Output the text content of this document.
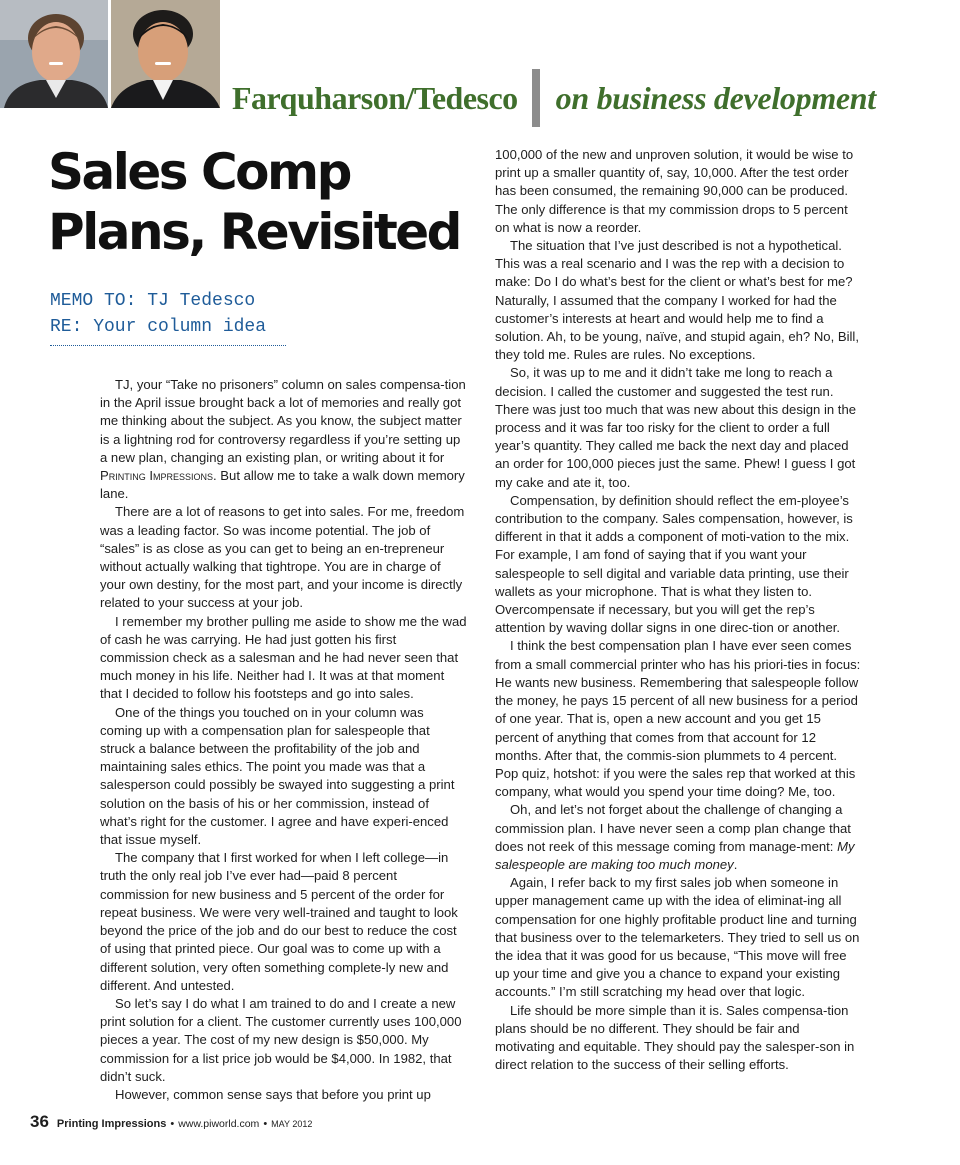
Farquharson/Tedesco on business development
Sales Comp
Plans, Revisited
MEMO TO: TJ Tedesco
RE: Your column idea

TJ, your “Take no prisoners” column on sales compensa-tion in the April issue brought back a lot of memories and really got me thinking about the subject. As you know, the subject matter is a lightning rod for controversy regardless if you’re setting up a new plan, changing an existing plan, or writing about it for Printing Impressions. But allow me to take a walk down memory lane.

There are a lot of reasons to get into sales. For me, freedom was a leading factor. So was income potential. The job of “sales” is as close as you can get to being an en-trepreneur without actually walking that tightrope. You are in charge of your own destiny, for the most part, and your income is directly related to your success at your job.

I remember my brother pulling me aside to show me the wad of cash he was carrying. He had just gotten his first commission check as a salesman and he had never seen that much money in his life. Neither had I. It was at that moment that I decided to follow his footsteps and go into sales.

One of the things you touched on in your column was coming up with a compensation plan for salespeople that struck a balance between the profitability of the job and maintaining sales ethics. The point you made was that a salesperson could possibly be swayed into suggesting a print solution on the basis of his or her commission, instead of what’s right for the customer. I agree and have experi-enced that issue myself.

The company that I first worked for when I left college—in truth the only real job I’ve ever had—paid 8 percent commission for new business and 5 percent of the order for repeat business. We were very well-trained and taught to look beyond the price of the job and do our best to reduce the cost of using that printed piece. Our goal was to come up with a different solution, very often something complete-ly new and different. And untested.

So let’s say I do what I am trained to do and I create a new print solution for a client. The customer currently uses 100,000 pieces a year. The cost of my new design is $50,000. My commission for a list price job would be $4,000. In 1982, that didn’t suck.

However, common sense says that before you print up

100,000 of the new and unproven solution, it would be wise to print up a smaller quantity of, say, 10,000. After the test order has been consumed, the remaining 90,000 can be produced. The only difference is that my commission drops to 5 percent on what is now a reorder.

The situation that I’ve just described is not a hypothetical. This was a real scenario and I was the rep with a decision to make: Do I do what’s best for the client or what’s best for me? Naturally, I assumed that the company I worked for had the customer’s interests at heart and would help me to find a solution. Ah, to be young, naïve, and stupid again, eh? No, Bill, they told me. Rules are rules. No exceptions.

So, it was up to me and it didn’t take me long to reach a decision. I called the customer and suggested the test run. There was just too much that was new about this design in the process and it was far too risky for the client to order a full year’s quantity. They called me back the next day and placed an order for 100,000 pieces just the same. Phew! I guess I got my cake and ate it, too.

Compensation, by definition should reflect the em-ployee’s contribution to the company. Sales compensation, however, is different in that it adds a component of moti-vation to the mix. For example, I am fond of saying that if you want your salespeople to sell digital and variable data printing, use their wallets as your microphone. That is what they listen to. Overcompensate if necessary, but you will get the rep’s attention by waving dollar signs in one direc-tion or another.

I think the best compensation plan I have ever seen comes from a small commercial printer who has his priori-ties in focus: He wants new business. Remembering that salespeople follow the money, he pays 15 percent of all new business for a period of one year. That is, open a new account and you get 15 percent of anything that comes from that account for 12 months. After that, the commis-sion plummets to 4 percent. Pop quiz, hotshot: if you were the sales rep that worked at this company, what would you spend your time doing? Me, too.

Oh, and let’s not forget about the challenge of changing a commission plan. I have never seen a comp plan change that does not reek of this message coming from manage-ment: My salespeople are making too much money.

Again, I refer back to my first sales job when someone in upper management came up with the idea of eliminat-ing all compensation for one highly profitable product line and turning that business over to the telemarketers. They tried to sell us on the idea that it was good for us because, “This move will free up your time and give you a chance to expand your existing accounts.” I’m still scratching my head over that logic.

Life should be more simple than it is. Sales compensa-tion plans should be no different. They should be fair and motivating and equitable. They should pay the salesper-son in direct relation to the success of their selling efforts.

36 Printing Impressions • www.piworld.com • MAY 2012
